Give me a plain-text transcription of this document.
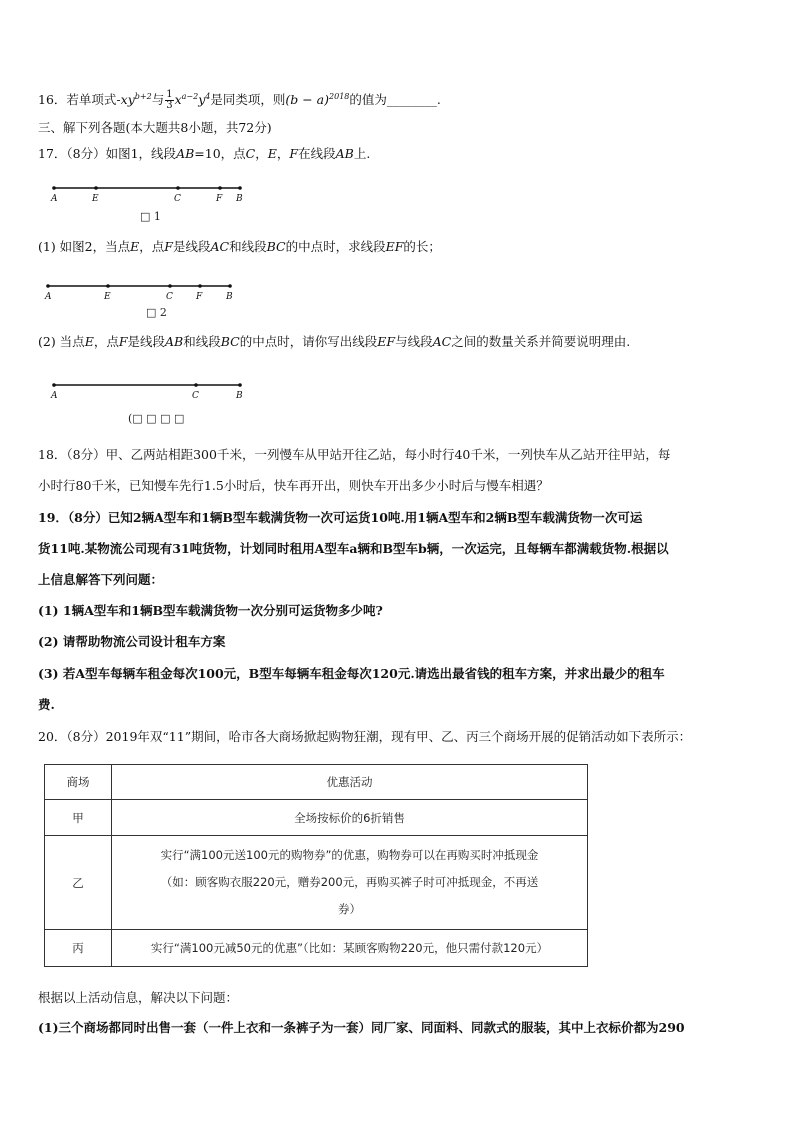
16．若单项式$-xy^{b+2}$与 $\frac{1}{3} x^{a-2}y^4$是同类项，则$(b - a)^{2018}$的值为________.
三、解下列各题(本大题共8小题，共72分)
17．（8分）如图1，线段AB=10，点C，E，F在线段AB上.
A	E	C	F B
□ 1
(1) 如图2，当点E，点F是线段AC和线段BC的中点时，求线段EF的长；
A	E	C	F	B
□ 2
(2) 当点E，点F是线段AB和线段BC的中点时，请你写出线段EF与线段AC之间的数量关系并简要说明理由.
A	C	B
(□ □ □ □
18．（8分）甲、乙两站相距300千米，一列慢车从甲站开往乙站，每小时行40千米，一列快车从乙站开往甲站，每
小时行80千米，已知慢车先行1.5小时后，快车再开出，则快车开出多少小时后与慢车相遇？
19．（8分）已知2辆A型车和1辆B型车载满货物一次可运货10吨.用1辆A型车和2辆B型车载满货物一次可运
货11吨.某物流公司现有31吨货物，计划同时租用A型车a辆和B型车b辆，一次运完，且每辆车都满载货物.根据以
上信息解答下列问题：
(1) 1辆A型车和1辆B型车载满货物一次分别可运货物多少吨?
(2) 请帮助物流公司设计租车方案
(3) 若A型车每辆车租金每次100元，B型车每辆车租金每次120元.请选出最省钱的租车方案，并求出最少的租车
费.
20．（8分）2019年双“11”期间，哈市各大商场掀起购物狂潮，现有甲、乙、丙三个商场开展的促销活动如下表所示：
商场	优惠活动
甲	全场按标价的6折销售
乙	实行“满100元送100元的购物券”的优惠，购物券可以在再购买时冲抵现金
（如：顾客购衣服220元，赠券200元，再购买裤子时可冲抵现金，不再送
券）

丙	实行“满100元减50元的优惠”（比如：某顾客购物220元，他只需付款120元）
根据以上活动信息，解决以下问题：
(1)三个商场都同时出售一套（一件上衣和一条裤子为一套）同厂家、同面料、同款式的服装，其中上衣标价都为290
